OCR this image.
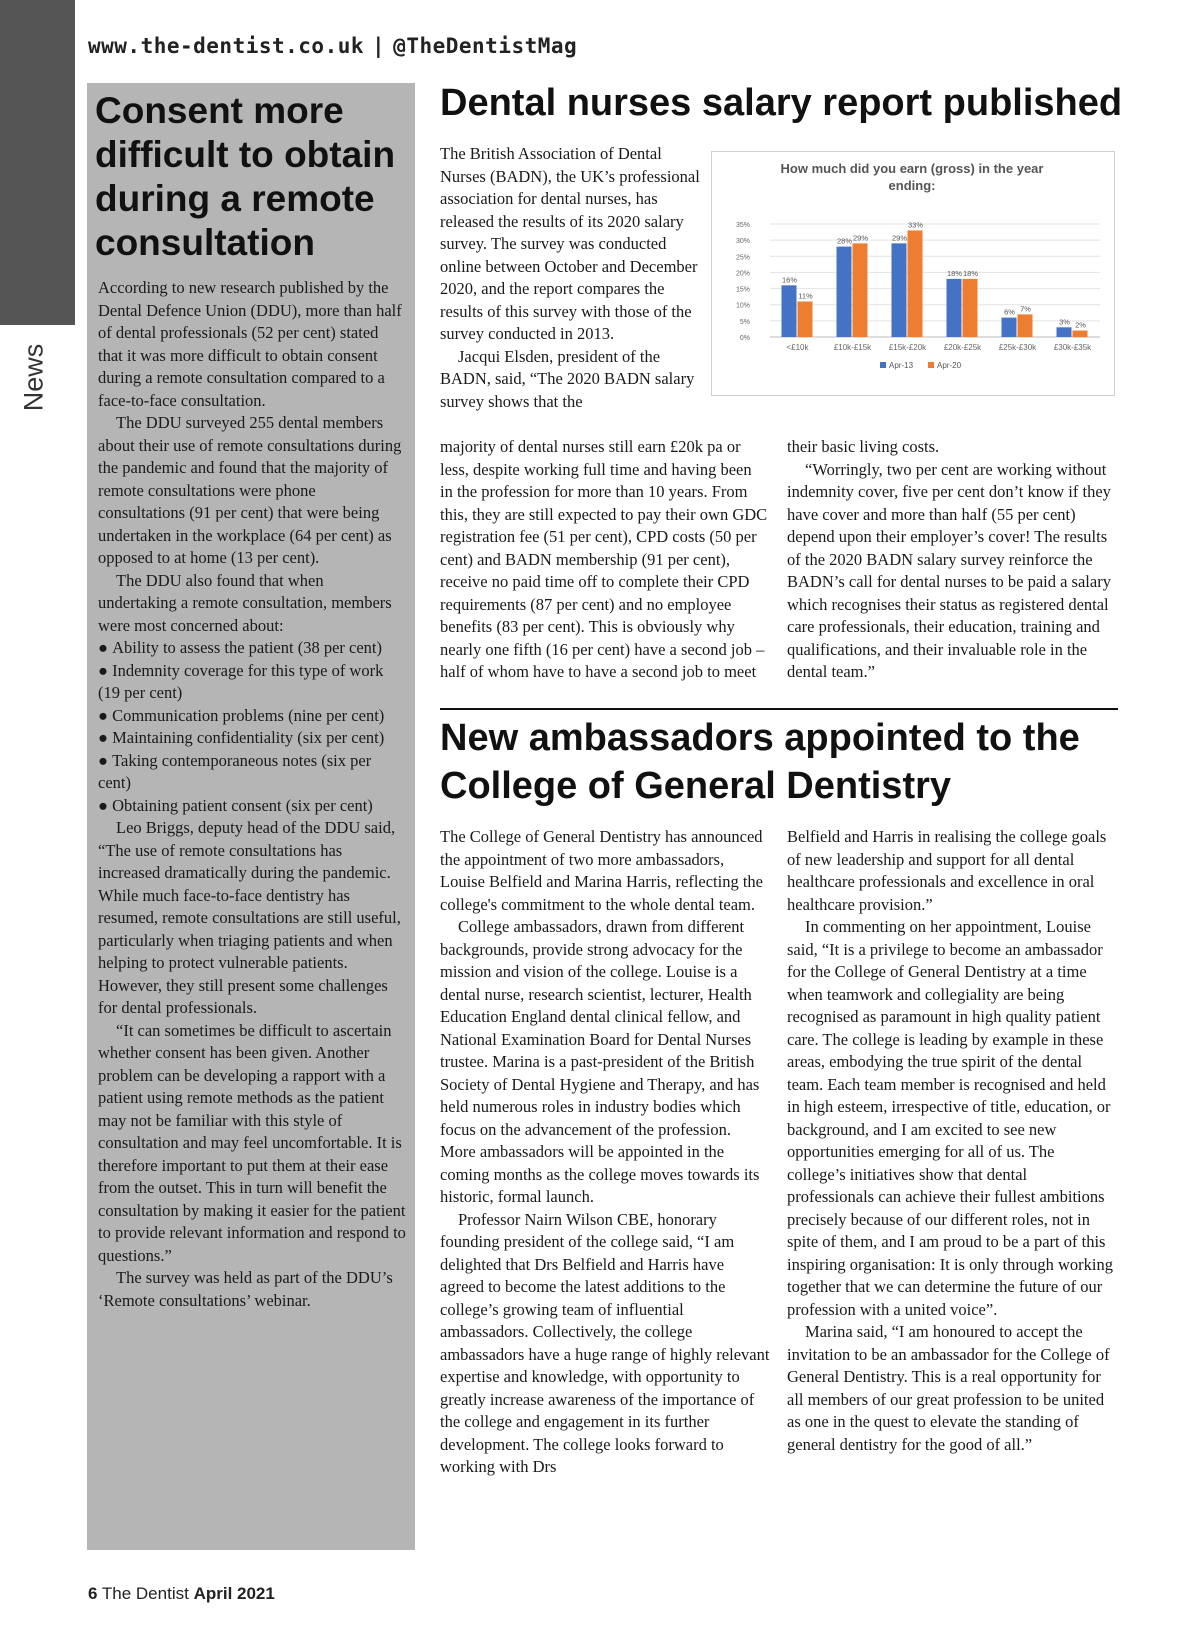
News
www.the-dentist.co.uk | @TheDentistMag
Consent more difficult to obtain during a remote consultation

According to new research published by the Dental Defence Union (DDU), more than half of dental professionals (52 per cent) stated that it was more difficult to obtain consent during a remote consultation compared to a face-to-face consultation.

The DDU surveyed 255 dental members about their use of remote consultations during the pandemic and found that the majority of remote consultations were phone consultations (91 per cent) that were being undertaken in the workplace (64 per cent) as opposed to at home (13 per cent).

The DDU also found that when undertaking a remote consultation, members were most concerned about:

● Ability to assess the patient (38 per cent)

● Indemnity coverage for this type of work (19 per cent)

● Communication problems (nine per cent)

● Maintaining confidentiality (six per cent)

● Taking contemporaneous notes (six per cent)

● Obtaining patient consent (six per cent)

Leo Briggs, deputy head of the DDU said, “The use of remote consultations has increased dramatically during the pandemic. While much face-to-face dentistry has resumed, remote consultations are still useful, particularly when triaging patients and when helping to protect vulnerable patients. However, they still present some challenges for dental professionals.

“It can sometimes be difficult to ascertain whether consent has been given. Another problem can be developing a rapport with a patient using remote methods as the patient may not be familiar with this style of consultation and may feel uncomfortable. It is therefore important to put them at their ease from the outset. This in turn will benefit the consultation by making it easier for the patient to provide relevant information and respond to questions.”

The survey was held as part of the DDU’s ‘Remote consultations’ webinar.

Dental nurses salary report published

The British Association of Dental Nurses (BADN), the UK’s professional association for dental nurses, has released the results of its 2020 salary survey. The survey was conducted online between October and December 2020, and the report compares the results of this survey with those of the survey conducted in 2013.

Jacqui Elsden, president of the BADN, said, “The 2020 BADN salary survey shows that the

majority of dental nurses still earn £20k pa or less, despite working full time and having been in the profession for more than 10 years. From this, they are still expected to pay their own GDC registration fee (51 per cent), CPD costs (50 per cent) and BADN membership (91 per cent), receive no paid time off to complete their CPD requirements (87 per cent) and no employee benefits (83 per cent). This is obviously why nearly one fifth (16 per cent) have a second job – half of whom have to have a second job to meet

their basic living costs.

“Worringly, two per cent are working without indemnity cover, five per cent don’t know if they have cover and more than half (55 per cent) depend upon their employer’s cover! The results of the 2020 BADN salary survey reinforce the BADN’s call for dental nurses to be paid a salary which recognises their status as registered dental care professionals, their education, training and qualifications, and their invaluable role in the dental team.”

How much did you earn (gross) in the year
ending:
0%
5%
10%
15%
20%
25%
30%
35%
<£10k
16%
11%
£10k-£15k
28% 29%
£15k-£20k
29%
33%
£20k-£25k
18% 18%
£25k-£30k
6% 7%
£30k-£35k
3% 2%
Apr-13	Apr-20
New ambassadors appointed to the College of General Dentistry

The College of General Dentistry has announced the appointment of two more ambassadors, Louise Belfield and Marina Harris, reflecting the college's commitment to the whole dental team.

College ambassadors, drawn from different backgrounds, provide strong advocacy for the mission and vision of the college. Louise is a dental nurse, research scientist, lecturer, Health Education England dental clinical fellow, and National Examination Board for Dental Nurses trustee. Marina is a past-president of the British Society of Dental Hygiene and Therapy, and has held numerous roles in industry bodies which focus on the advancement of the profession. More ambassadors will be appointed in the coming months as the college moves towards its historic, formal launch.

Professor Nairn Wilson CBE, honorary founding president of the college said, “I am delighted that Drs Belfield and Harris have agreed to become the latest additions to the college’s growing team of influential ambassadors. Collectively, the college ambassadors have a huge range of highly relevant expertise and knowledge, with opportunity to greatly increase awareness of the importance of the college and engagement in its further development. The college looks forward to working with Drs

Belfield and Harris in realising the college goals of new leadership and support for all dental healthcare professionals and excellence in oral healthcare provision.”

In commenting on her appointment, Louise said, “It is a privilege to become an ambassador for the College of General Dentistry at a time when teamwork and collegiality are being recognised as paramount in high quality patient care. The college is leading by example in these areas, embodying the true spirit of the dental team. Each team member is recognised and held in high esteem, irrespective of title, education, or background, and I am excited to see new opportunities emerging for all of us. The college’s initiatives show that dental professionals can achieve their fullest ambitions precisely because of our different roles, not in spite of them, and I am proud to be a part of this inspiring organisation: It is only through working together that we can determine the future of our profession with a united voice”.

Marina said, “I am honoured to accept the invitation to be an ambassador for the College of General Dentistry. This is a real opportunity for all members of our great profession to be united as one in the quest to elevate the standing of general dentistry for the good of all.”

6 The Dentist April 2021
